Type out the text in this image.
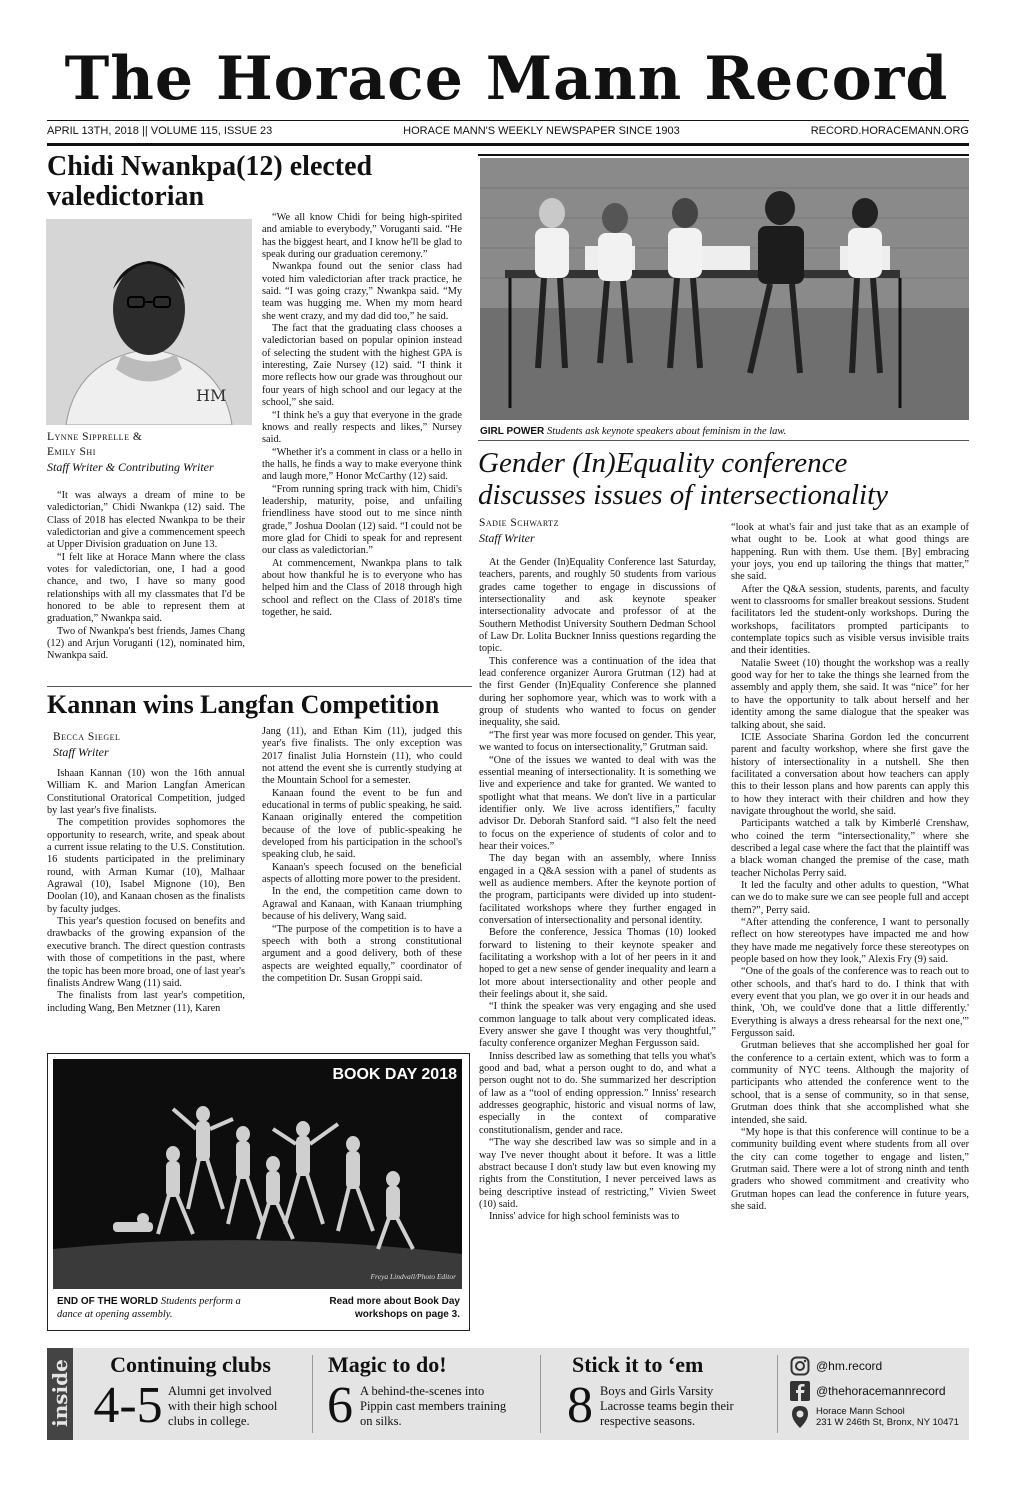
The Horace Mann Record
APRIL 13TH, 2018 || VOLUME 115, ISSUE 23	HORACE MANN'S WEEKLY NEWSPAPER SINCE 1903	RECORD.HORACEMANN.ORG
Chidi Nwankpa(12) elected
valedictorian
HM
Lynne Sipprelle &
Emily Shi
Staff Writer & Contributing Writer

“It was always a dream of mine to be valedictorian,” Chidi Nwankpa (12) said. The Class of 2018 has elected Nwankpa to be their valedictorian and give a commencement speech at Upper Division graduation on June 13.

“I felt like at Horace Mann where the class votes for valedictorian, one, I had a good chance, and two, I have so many good relationships with all my classmates that I'd be honored to be able to represent them at graduation,” Nwankpa said.

Two of Nwankpa's best friends, James Chang (12) and Arjun Voruganti (12), nominated him, Nwankpa said.

“We all know Chidi for being high-spirited and amiable to everybody,” Voruganti said. “He has the biggest heart, and I know he'll be glad to speak during our graduation ceremony.”

Nwankpa found out the senior class had voted him valedictorian after track practice, he said. “I was going crazy,” Nwankpa said. “My team was hugging me. When my mom heard she went crazy, and my dad did too,” he said.

The fact that the graduating class chooses a valedictorian based on popular opinion instead of selecting the student with the highest GPA is interesting, Zaie Nursey (12) said. “I think it more reflects how our grade was throughout our four years of high school and our legacy at the school,” she said.

“I think he's a guy that everyone in the grade knows and really respects and likes,” Nursey said.

“Whether it's a comment in class or a hello in the halls, he finds a way to make everyone think and laugh more,” Honor McCarthy (12) said.

“From running spring track with him, Chidi's leadership, maturity, poise, and unfailing friendliness have stood out to me since ninth grade,” Joshua Doolan (12) said. “I could not be more glad for Chidi to speak for and represent our class as valedictorian.”

At commencement, Nwankpa plans to talk about how thankful he is to everyone who has helped him and the Class of 2018 through high school and reflect on the Class of 2018's time together, he said.

Kannan wins Langfan Competition
Becca Siegel
Staff Writer

Ishaan Kannan (10) won the 16th annual William K. and Marion Langfan American Constitutional Oratorical Competition, judged by last year's five finalists.

The competition provides sophomores the opportunity to research, write, and speak about a current issue relating to the U.S. Constitution. 16 students participated in the preliminary round, with Arman Kumar (10), Malhaar Agrawal (10), Isabel Mignone (10), Ben Doolan (10), and Kanaan chosen as the finalists by faculty judges.

This year's question focused on benefits and drawbacks of the growing expansion of the executive branch. The direct question contrasts with those of competitions in the past, where the topic has been more broad, one of last year's finalists Andrew Wang (11) said.

The finalists from last year's competition, including Wang, Ben Metzner (11), Karen

Jang (11), and Ethan Kim (11), judged this year's five finalists. The only exception was 2017 finalist Julia Hornstein (11), who could not attend the event she is currently studying at the Mountain School for a semester.

Kanaan found the event to be fun and educational in terms of public speaking, he said. Kanaan originally entered the competition because of the love of public-speaking he developed from his participation in the school's speaking club, he said.

Kanaan's speech focused on the beneficial aspects of allotting more power to the president.

In the end, the competition came down to Agrawal and Kanaan, with Kanaan triumphing because of his delivery, Wang said.

“The purpose of the competition is to have a speech with both a strong constitutional argument and a good delivery, both of these aspects are weighted equally,” coordinator of the competition Dr. Susan Groppi said.

BOOK DAY 2018
Freya Lindvall/Photo Editor
END OF THE WORLD Students perform a dance at opening assembly.
Read more about Book Day workshops on page 3.
GIRL POWER Students ask keynote speakers about feminism in the law.
Gender (In)Equality conference
discusses issues of intersectionality
Sadie Schwartz
Staff Writer

At the Gender (In)Equality Conference last Saturday, teachers, parents, and roughly 50 students from various grades came together to engage in discussions of intersectionality and ask keynote speaker intersectionality advocate and professor of at the Southern Methodist University Southern Dedman School of Law Dr. Lolita Buckner Inniss questions regarding the topic.

This conference was a continuation of the idea that lead conference organizer Aurora Grutman (12) had at the first Gender (In)Equality Conference she planned during her sophomore year, which was to work with a group of students who wanted to focus on gender inequality, she said.

“The first year was more focused on gender. This year, we wanted to focus on intersectionality,” Grutman said.

“One of the issues we wanted to deal with was the essential meaning of intersectionality. It is something we live and experience and take for granted. We wanted to spotlight what that means. We don't live in a particular identifier only. We live across identifiers,” faculty advisor Dr. Deborah Stanford said. “I also felt the need to focus on the experience of students of color and to hear their voices.”

The day began with an assembly, where Inniss engaged in a Q&A session with a panel of students as well as audience members. After the keynote portion of the program, participants were divided up into student-facilitated workshops where they further engaged in conversation of intersectionality and personal identity.

Before the conference, Jessica Thomas (10) looked forward to listening to their keynote speaker and facilitating a workshop with a lot of her peers in it and hoped to get a new sense of gender inequality and learn a lot more about intersectionality and other people and their feelings about it, she said.

“I think the speaker was very engaging and she used common language to talk about very complicated ideas. Every answer she gave I thought was very thoughtful,” faculty conference organizer Meghan Fergusson said.

Inniss described law as something that tells you what's good and bad, what a person ought to do, and what a person ought not to do. She summarized her description of law as a “tool of ending oppression.” Inniss' research addresses geographic, historic and visual norms of law, especially in the context of comparative constitutionalism, gender and race.

“The way she described law was so simple and in a way I've never thought about it before. It was a little abstract because I don't study law but even knowing my rights from the Constitution, I never perceived laws as being descriptive instead of restricting,” Vivien Sweet (10) said.

Inniss' advice for high school feminists was to

“look at what's fair and just take that as an example of what ought to be. Look at what good things are happening. Run with them. Use them. [By] embracing your joys, you end up tailoring the things that matter,” she said.

After the Q&A session, students, parents, and faculty went to classrooms for smaller breakout sessions. Student facilitators led the student-only workshops. During the workshops, facilitators prompted participants to contemplate topics such as visible versus invisible traits and their identities.

Natalie Sweet (10) thought the workshop was a really good way for her to take the things she learned from the assembly and apply them, she said. It was “nice” for her to have the opportunity to talk about herself and her identity among the same dialogue that the speaker was talking about, she said.

ICIE Associate Sharina Gordon led the concurrent parent and faculty workshop, where she first gave the history of intersectionality in a nutshell. She then facilitated a conversation about how teachers can apply this to their lesson plans and how parents can apply this to how they interact with their children and how they navigate throughout the world, she said.

Participants watched a talk by Kimberlé Crenshaw, who coined the term “intersectionality,” where she described a legal case where the fact that the plaintiff was a black woman changed the premise of the case, math teacher Nicholas Perry said.

It led the faculty and other adults to question, “What can we do to make sure we can see people full and accept them?”, Perry said.

“After attending the conference, I want to personally reflect on how stereotypes have impacted me and how they have made me negatively force these stereotypes on people based on how they look,” Alexis Fry (9) said.

“One of the goals of the conference was to reach out to other schools, and that's hard to do. I think that with every event that you plan, we go over it in our heads and think, 'Oh, we could've done that a little differently.' Everything is always a dress rehearsal for the next one,'” Fergusson said.

Grutman believes that she accomplished her goal for the conference to a certain extent, which was to form a community of NYC teens. Although the majority of participants who attended the conference went to the school, that is a sense of community, so in that sense, Grutman does think that she accomplished what she intended, she said.

“My hope is that this conference will continue to be a community building event where students from all over the city can come together to engage and listen,” Grutman said. There were a lot of strong ninth and tenth graders who showed commitment and creativity who Grutman hopes can lead the conference in future years, she said.

inside	Continuing clubs
4-5 Alumni get involved with their high school clubs in college.
Magic to do!
6 A behind-the-scenes into Pippin cast members training on silks.
Stick it to ‘em
8 Boys and Girls Varsity Lacrosse teams begin their respective seasons.
@hm.record
@thehoracemannrecord
Horace Mann School
231 W 246th St, Bronx, NY 10471
